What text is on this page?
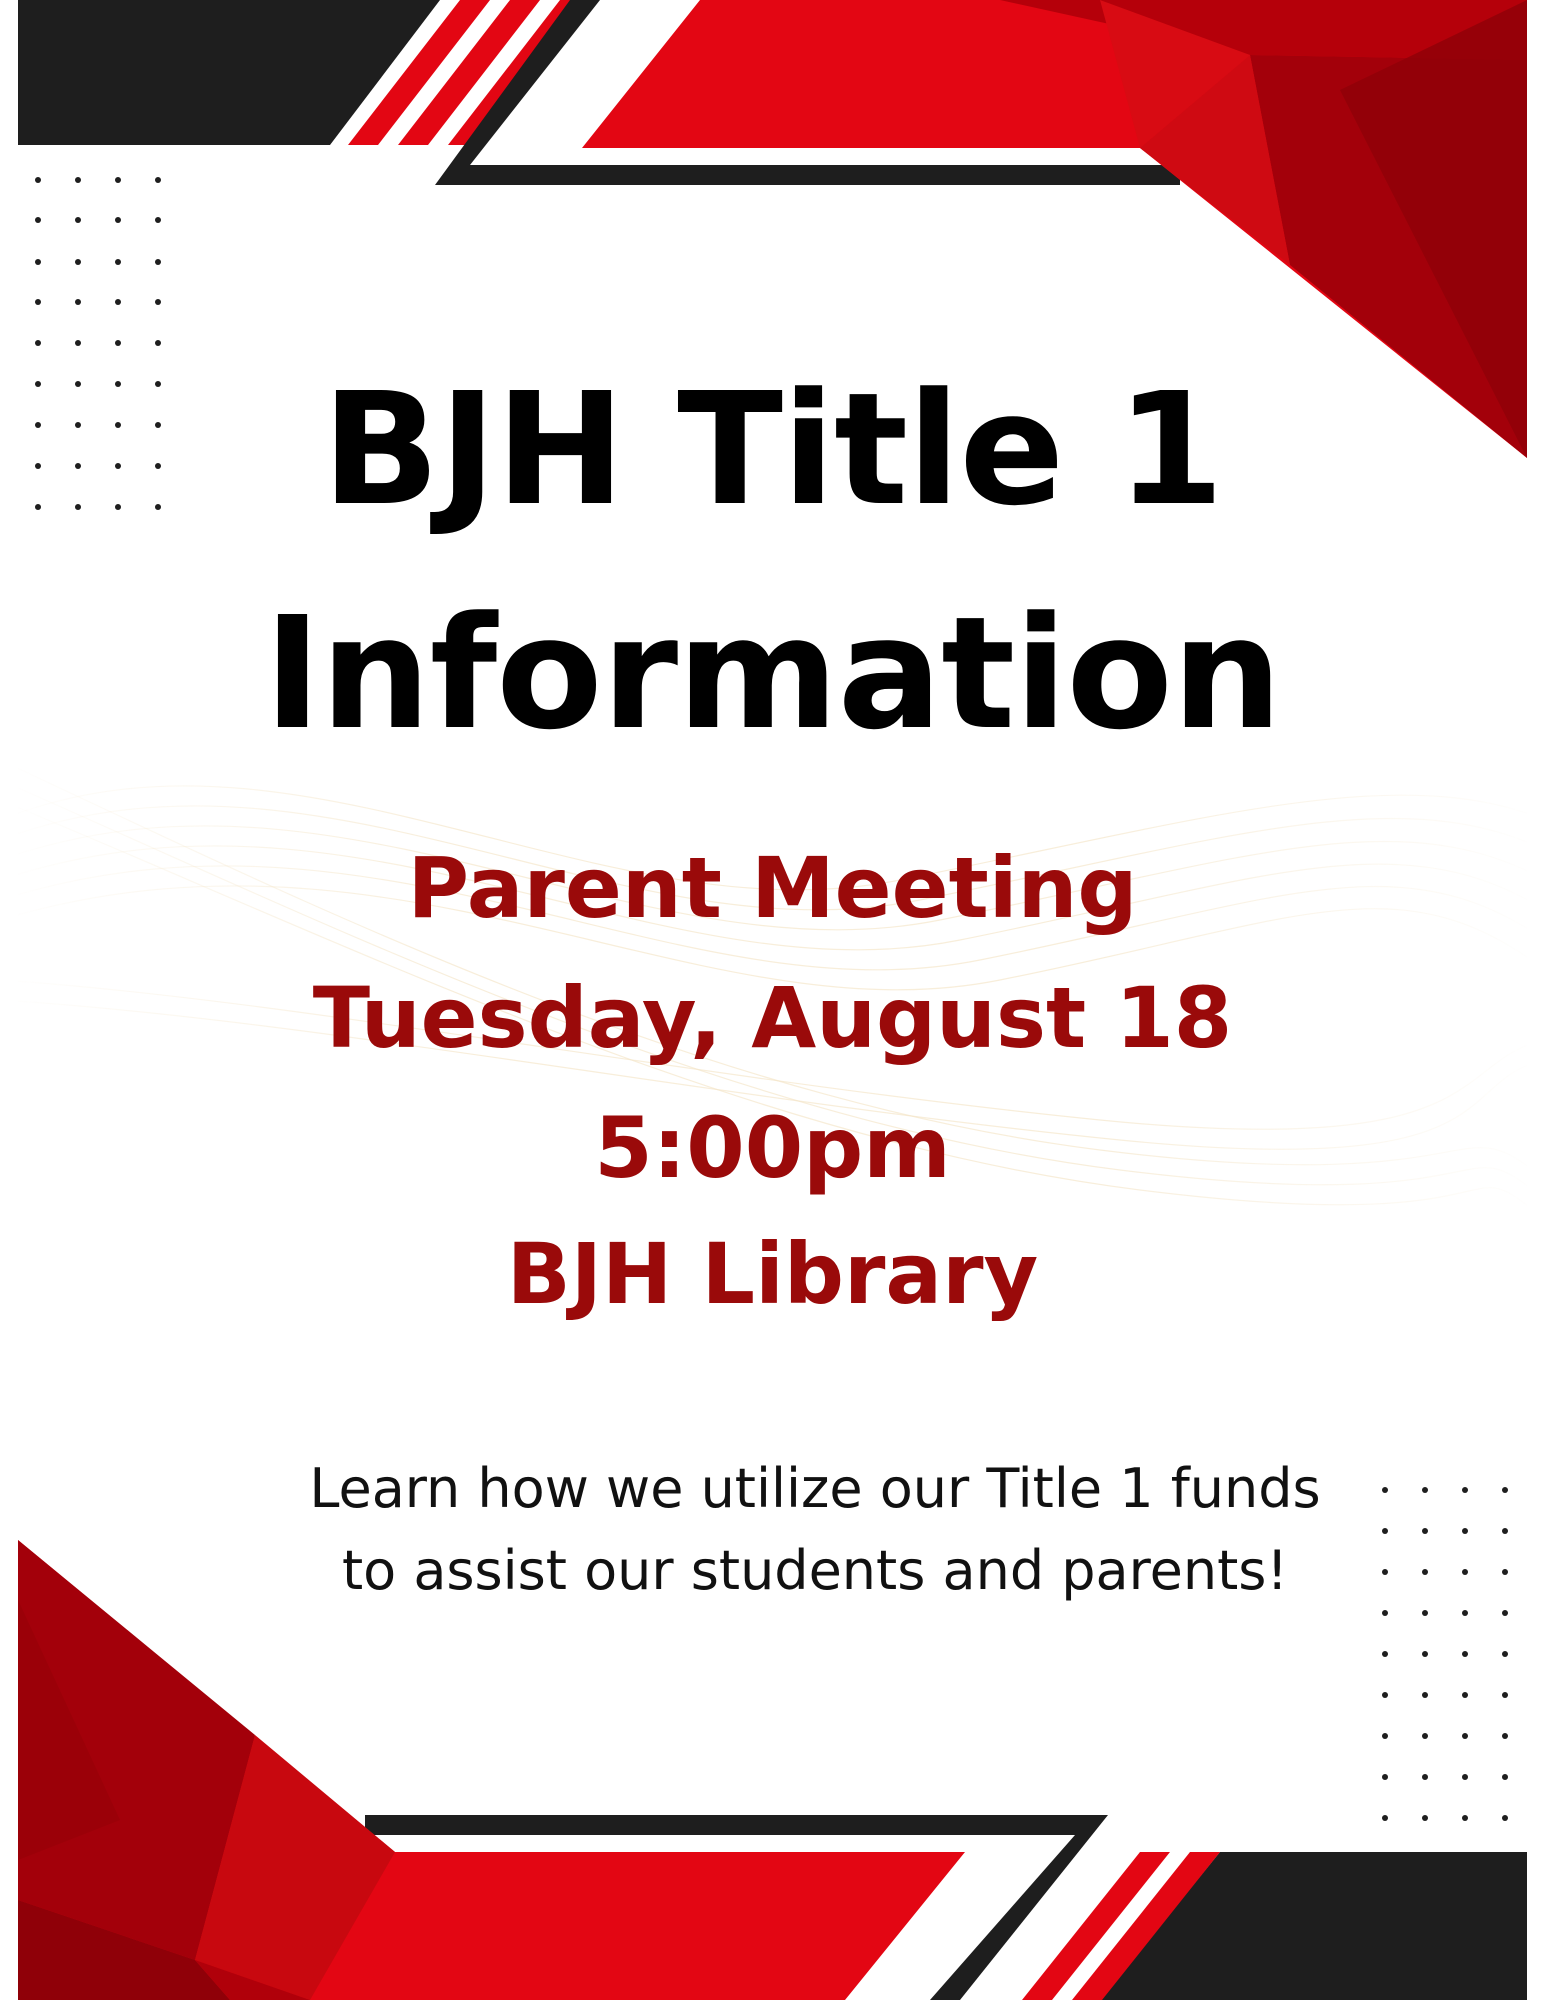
BJH Title 1
Information
Parent Meeting
Tuesday, August 18
5:00pm
BJH Library
Learn how we utilize our Title 1 funds
to assist our students and parents!
